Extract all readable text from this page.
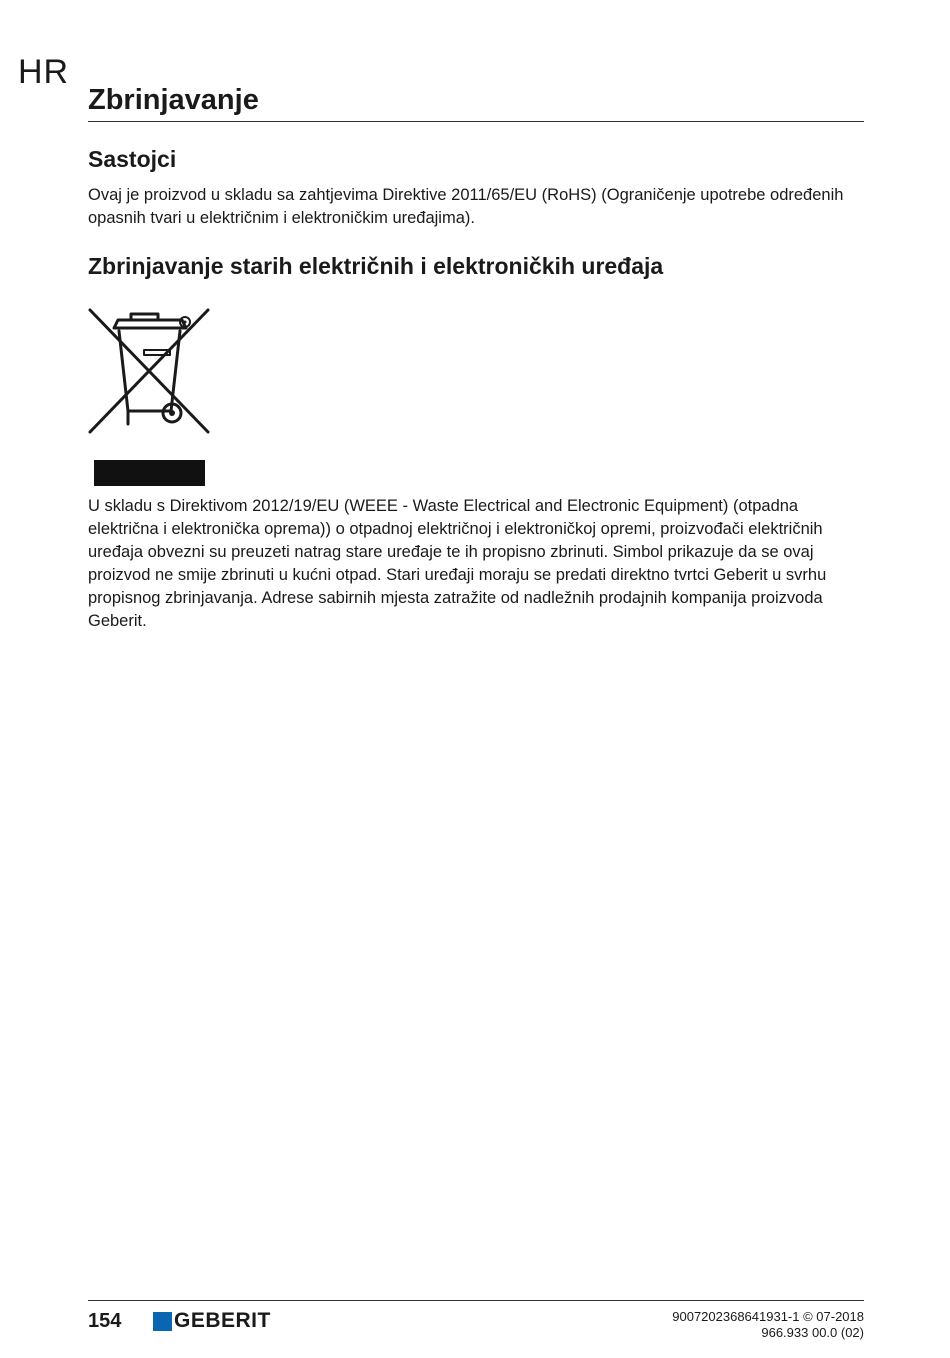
HR
Zbrinjavanje
Sastojci

Ovaj je proizvod u skladu sa zahtjevima Direktive 2011/65/EU (RoHS) (Ograničenje upotrebe određenih opasnih tvari u električnim i elektroničkim uređajima).

Zbrinjavanje starih električnih i elektroničkih uređaja

U skladu s Direktivom 2012/19/EU (WEEE - Waste Electrical and Electronic Equipment) (otpadna električna i elektronička oprema)) o otpadnoj električnoj i elektroničkoj opremi, proizvođači električnih uređaja obvezni su preuzeti natrag stare uređaje te ih propisno zbrinuti. Simbol prikazuje da se ovaj proizvod ne smije zbrinuti u kućni otpad. Stari uređaji moraju se predati direktno tvrtci Geberit u svrhu propisnog zbrinjavanja. Adrese sabirnih mjesta zatražite od nadležnih prodajnih kompanija proizvoda Geberit.

154	GEBERIT	9007202368641931-1 © 07-2018
966.933 00.0 (02)
